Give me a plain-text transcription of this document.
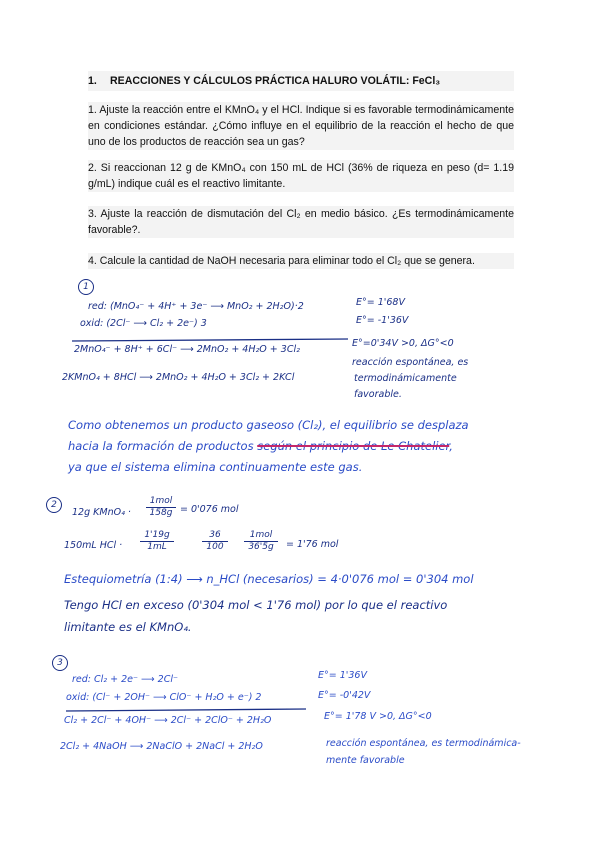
1. REACCIONES Y CÁLCULOS PRÁCTICA HALURO VOLÁTIL: FeCl₃

1. Ajuste la reacción entre el KMnO₄ y el HCl. Indique si es favorable termodinámicamente en condiciones estándar. ¿Cómo influye en el equilibrio de la reacción el hecho de que uno de los productos de reacción sea un gas?

2. Si reaccionan 12 g de KMnO₄ con 150 mL de HCl (36% de riqueza en peso (d= 1.19 g/mL) indique cuál es el reactivo limitante.

3. Ajuste la reacción de dismutación del Cl₂ en medio básico. ¿Es termodinámicamente favorable?.

4. Calcule la cantidad de NaOH necesaria para eliminar todo el Cl₂ que se genera.

1

red: (MnO₄⁻ + 4H⁺ + 3e⁻ ⟶ MnO₂ + 2H₂O)·2

oxid: (2Cl⁻ ⟶ Cl₂ + 2e⁻) 3

E°= 1'68V

E°= -1'36V

2MnO₄⁻ + 8H⁺ + 6Cl⁻ ⟶ 2MnO₂ + 4H₂O + 3Cl₂

E°=0'34V >0, ΔG°<0

2KMnO₄ + 8HCl ⟶ 2MnO₂ + 4H₂O + 3Cl₂ + 2KCl

reacción espontánea, es

termodinámicamente

favorable.

Como obtenemos un producto gaseoso (Cl₂), el equilibrio se desplaza

hacia la formación de productos según el principio de Le Chatelier,

ya que el sistema elimina continuamente este gas.

2

12g KMnO₄ ·

1mol
158g = 0'076 mol

150mL HCl · $\frac{1'19g}{1mL}$	$\frac{36}{100}$	1mol
36'5g	= 1'76 mol

Estequiometría (1:4) ⟶ n_HCl (necesarios) = 4·0'076 mol = 0'304 mol

Tengo HCl en exceso (0'304 mol < 1'76 mol) por lo que el reactivo

limitante es el KMnO₄.

3

red: Cl₂ + 2e⁻ ⟶ 2Cl⁻

oxid: (Cl⁻ + 2OH⁻ ⟶ ClO⁻ + H₂O + e⁻) 2

E°= 1'36V

E°= -0'42V

Cl₂ + 2Cl⁻ + 4OH⁻ ⟶ 2Cl⁻ + 2ClO⁻ + 2H₂O	E°= 1'78 V >0, ΔG°<0

2Cl₂ + 4NaOH ⟶ 2NaClO + 2NaCl + 2H₂O	reacción espontánea, es termodinámica-

mente favorable
